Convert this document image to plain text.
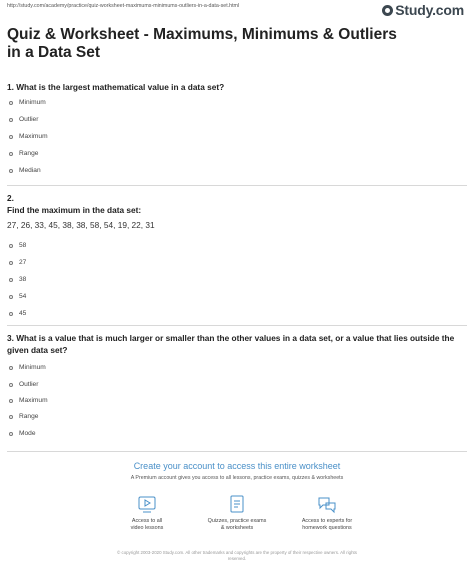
http://study.com/academy/practice/quiz-worksheet-maximums-minimums-outliers-in-a-data-set.html	Study.com
Quiz & Worksheet - Maximums, Minimums & Outliers in a Data Set
1. What is the largest mathematical value in a data set?
Minimum
Outlier
Maximum
Range
Median
2.
Find the maximum in the data set:
27, 26, 33, 45, 38, 38, 58, 54, 19, 22, 31
58
27
38
54
45
3. What is a value that is much larger or smaller than the other values in a data set, or a value that lies outside the given data set?
Minimum
Outlier
Maximum
Range
Mode
Create your account to access this entire worksheet
A Premium account gives you access to all lessons, practice exams, quizzes & worksheets
Access to all
video lessons
Quizzes, practice exams
& worksheets
Access to experts for
homework questions
© copyright 2003-2020 Study.com. All other trademarks and copyrights are the property of their respective owners. All rights
reserved.
